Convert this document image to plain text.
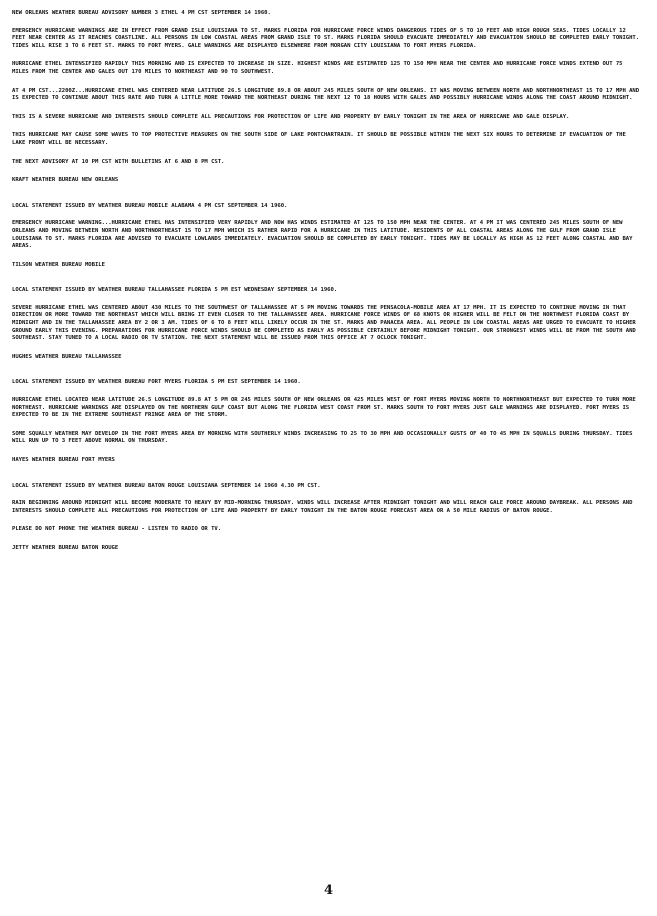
NEW ORLEANS WEATHER BUREAU ADVISORY NUMBER 3 ETHEL 4 PM CST SEPTEMBER 14 1960.

EMERGENCY HURRICANE WARNINGS ARE IN EFFECT FROM GRAND ISLE LOUISIANA TO ST. MARKS FLORIDA FOR HURRICANE FORCE WINDS DANGEROUS TIDES OF 5 TO 10 FEET AND HIGH ROUGH SEAS. TIDES LOCALLY 12 FEET NEAR CENTER AS IT REACHES COASTLINE. ALL PERSONS IN LOW COASTAL AREAS FROM GRAND ISLE TO ST. MARKS FLORIDA SHOULD EVACUATE IMMEDIATELY AND EVACUATION SHOULD BE COMPLETED EARLY TONIGHT. TIDES WILL RISE 3 TO 6 FEET ST. MARKS TO FORT MYERS. GALE WARNINGS ARE DISPLAYED ELSEWHERE FROM MORGAN CITY LOUISIANA TO FORT MYERS FLORIDA.

HURRICANE ETHEL INTENSIFIED RAPIDLY THIS MORNING AND IS EXPECTED TO INCREASE IN SIZE. HIGHEST WINDS ARE ESTIMATED 125 TO 150 MPH NEAR THE CENTER AND HURRICANE FORCE WINDS EXTEND OUT 75 MILES FROM THE CENTER AND GALES OUT 170 MILES TO NORTHEAST AND 90 TO SOUTHWEST.

AT 4 PM CST...2200Z...HURRICANE ETHEL WAS CENTERED NEAR LATITUDE 26.5 LONGITUDE 89.8 OR ABOUT 245 MILES SOUTH OF NEW ORLEANS. IT WAS MOVING BETWEEN NORTH AND NORTHNORTHEAST 15 TO 17 MPH AND IS EXPECTED TO CONTINUE ABOUT THIS RATE AND TURN A LITTLE MORE TOWARD THE NORTHEAST DURING THE NEXT 12 TO 18 HOURS WITH GALES AND POSSIBLY HURRICANE WINDS ALONG THE COAST AROUND MIDNIGHT.

THIS IS A SEVERE HURRICANE AND INTERESTS SHOULD COMPLETE ALL PRECAUTIONS FOR PROTECTION OF LIFE AND PROPERTY BY EARLY TONIGHT IN THE AREA OF HURRICANE AND GALE DISPLAY.

THIS HURRICANE MAY CAUSE SOME WAVES TO TOP PROTECTIVE MEASURES ON THE SOUTH SIDE OF LAKE PONTCHARTRAIN. IT SHOULD BE POSSIBLE WITHIN THE NEXT SIX HOURS TO DETERMINE IF EVACUATION OF THE LAKE FRONT WILL BE NECESSARY.

THE NEXT ADVISORY AT 10 PM CST WITH BULLETINS AT 6 AND 8 PM CST.

KRAFT WEATHER BUREAU NEW ORLEANS

LOCAL STATEMENT ISSUED BY WEATHER BUREAU MOBILE ALABAMA 4 PM CST SEPTEMBER 14 1960.

EMERGENCY HURRICANE WARNING...HURRICANE ETHEL HAS INTENSIFIED VERY RAPIDLY AND NOW HAS WINDS ESTIMATED AT 125 TO 150 MPH NEAR THE CENTER. AT 4 PM IT WAS CENTERED 245 MILES SOUTH OF NEW ORLEANS AND MOVING BETWEEN NORTH AND NORTHNORTHEAST 15 TO 17 MPH WHICH IS RATHER RAPID FOR A HURRICANE IN THIS LATITUDE. RESIDENTS OF ALL COASTAL AREAS ALONG THE GULF FROM GRAND ISLE LOUISIANA TO ST. MARKS FLORIDA ARE ADVISED TO EVACUATE LOWLANDS IMMEDIATELY. EVACUATION SHOULD BE COMPLETED BY EARLY TONIGHT. TIDES MAY BE LOCALLY AS HIGH AS 12 FEET ALONG COASTAL AND BAY AREAS.

TILSON WEATHER BUREAU MOBILE

LOCAL STATEMENT ISSUED BY WEATHER BUREAU TALLAHASSEE FLORIDA 5 PM EST WEDNESDAY SEPTEMBER 14 1960.

SEVERE HURRICANE ETHEL WAS CENTERED ABOUT 430 MILES TO THE SOUTHWEST OF TALLAHASSEE AT 5 PM MOVING TOWARDS THE PENSACOLA-MOBILE AREA AT 17 MPH. IT IS EXPECTED TO CONTINUE MOVING IN THAT DIRECTION OR MORE TOWARD THE NORTHEAST WHICH WILL BRING IT EVEN CLOSER TO THE TALLAHASSEE AREA. HURRICANE FORCE WINDS OF 68 KNOTS OR HIGHER WILL BE FELT ON THE NORTHWEST FLORIDA COAST BY MIDNIGHT AND IN THE TALLAHASSEE AREA BY 2 OR 3 AM. TIDES OF 6 TO 8 FEET WILL LIKELY OCCUR IN THE ST. MARKS AND PANACEA AREA. ALL PEOPLE IN LOW COASTAL AREAS ARE URGED TO EVACUATE TO HIGHER GROUND EARLY THIS EVENING. PREPARATIONS FOR HURRICANE FORCE WINDS SHOULD BE COMPLETED AS EARLY AS POSSIBLE CERTAINLY BEFORE MIDNIGHT TONIGHT. OUR STRONGEST WINDS WILL BE FROM THE SOUTH AND SOUTHEAST. STAY TUNED TO A LOCAL RADIO OR TV STATION. THE NEXT STATEMENT WILL BE ISSUED FROM THIS OFFICE AT 7 OCLOCK TONIGHT.

HUGHES WEATHER BUREAU TALLAHASSEE

LOCAL STATEMENT ISSUED BY WEATHER BUREAU FORT MYERS FLORIDA 5 PM EST SEPTEMBER 14 1960.

HURRICANE ETHEL LOCATED NEAR LATITUDE 26.5 LONGITUDE 89.8 AT 5 PM OR 245 MILES SOUTH OF NEW ORLEANS OR 425 MILES WEST OF FORT MYERS MOVING NORTH TO NORTHNORTHEAST BUT EXPECTED TO TURN MORE NORTHEAST. HURRICANE WARNINGS ARE DISPLAYED ON THE NORTHERN GULF COAST BUT ALONG THE FLORIDA WEST COAST FROM ST. MARKS SOUTH TO FORT MYERS JUST GALE WARNINGS ARE DISPLAYED. FORT MYERS IS EXPECTED TO BE IN THE EXTREME SOUTHEAST FRINGE AREA OF THE STORM.

SOME SQUALLY WEATHER MAY DEVELOP IN THE FORT MYERS AREA BY MORNING WITH SOUTHERLY WINDS INCREASING TO 25 TO 30 MPH AND OCCASIONALLY GUSTS OF 40 TO 45 MPH IN SQUALLS DURING THURSDAY. TIDES WILL RUN UP TO 3 FEET ABOVE NORMAL ON THURSDAY.

HAYES WEATHER BUREAU FORT MYERS

LOCAL STATEMENT ISSUED BY WEATHER BUREAU BATON ROUGE LOUISIANA SEPTEMBER 14 1960 4.30 PM CST.

RAIN BEGINNING AROUND MIDNIGHT WILL BECOME MODERATE TO HEAVY BY MID-MORNING THURSDAY. WINDS WILL INCREASE AFTER MIDNIGHT TONIGHT AND WILL REACH GALE FORCE AROUND DAYBREAK. ALL PERSONS AND INTERESTS SHOULD COMPLETE ALL PRECAUTIONS FOR PROTECTION OF LIFE AND PROPERTY BY EARLY TONIGHT IN THE BATON ROUGE FORECAST AREA OR A 50 MILE RADIUS OF BATON ROUGE.

PLEASE DO NOT PHONE THE WEATHER BUREAU - LISTEN TO RADIO OR TV.

JETTY WEATHER BUREAU BATON ROUGE

4
